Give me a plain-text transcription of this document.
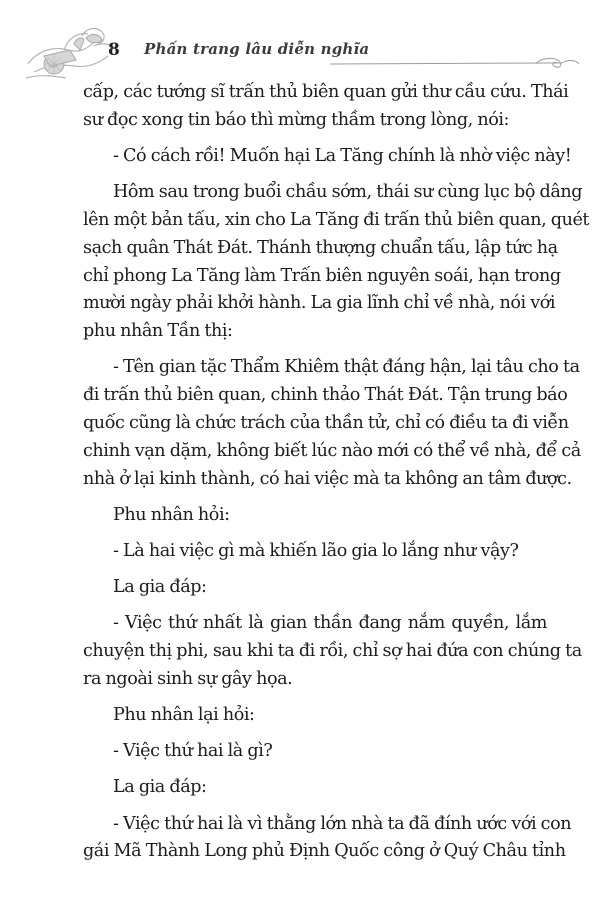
8 Phấn trang lâu diễn nghĩa
cấp, các tướng sĩ trấn thủ biên quan gửi thư cầu cứu. Thái
sư đọc xong tin báo thì mừng thầm trong lòng, nói:
- Có cách rồi! Muốn hại La Tăng chính là nhờ việc này!
Hôm sau trong buổi chầu sớm, thái sư cùng lục bộ dâng
lên một bản tấu, xin cho La Tăng đi trấn thủ biên quan, quét
sạch quân Thát Đát. Thánh thượng chuẩn tấu, lập tức hạ
chỉ phong La Tăng làm Trấn biên nguyên soái, hạn trong
mười ngày phải khởi hành. La gia lĩnh chỉ về nhà, nói với
phu nhân Tần thị:
- Tên gian tặc Thẩm Khiêm thật đáng hận, lại tâu cho ta
đi trấn thủ biên quan, chinh thảo Thát Đát. Tận trung báo
quốc cũng là chức trách của thần tử, chỉ có điều ta đi viễn
chinh vạn dặm, không biết lúc nào mới có thể về nhà, để cả
nhà ở lại kinh thành, có hai việc mà ta không an tâm được.
Phu nhân hỏi:
- Là hai việc gì mà khiến lão gia lo lắng như vậy?
La gia đáp:
- Việc thứ nhất là gian thần đang nắm quyền, lắm
chuyện thị phi, sau khi ta đi rồi, chỉ sợ hai đứa con chúng ta
ra ngoài sinh sự gây họa.
Phu nhân lại hỏi:
- Việc thứ hai là gì?
La gia đáp:
- Việc thứ hai là vì thằng lớn nhà ta đã đính ước với con
gái Mã Thành Long phủ Định Quốc công ở Quý Châu tỉnh
